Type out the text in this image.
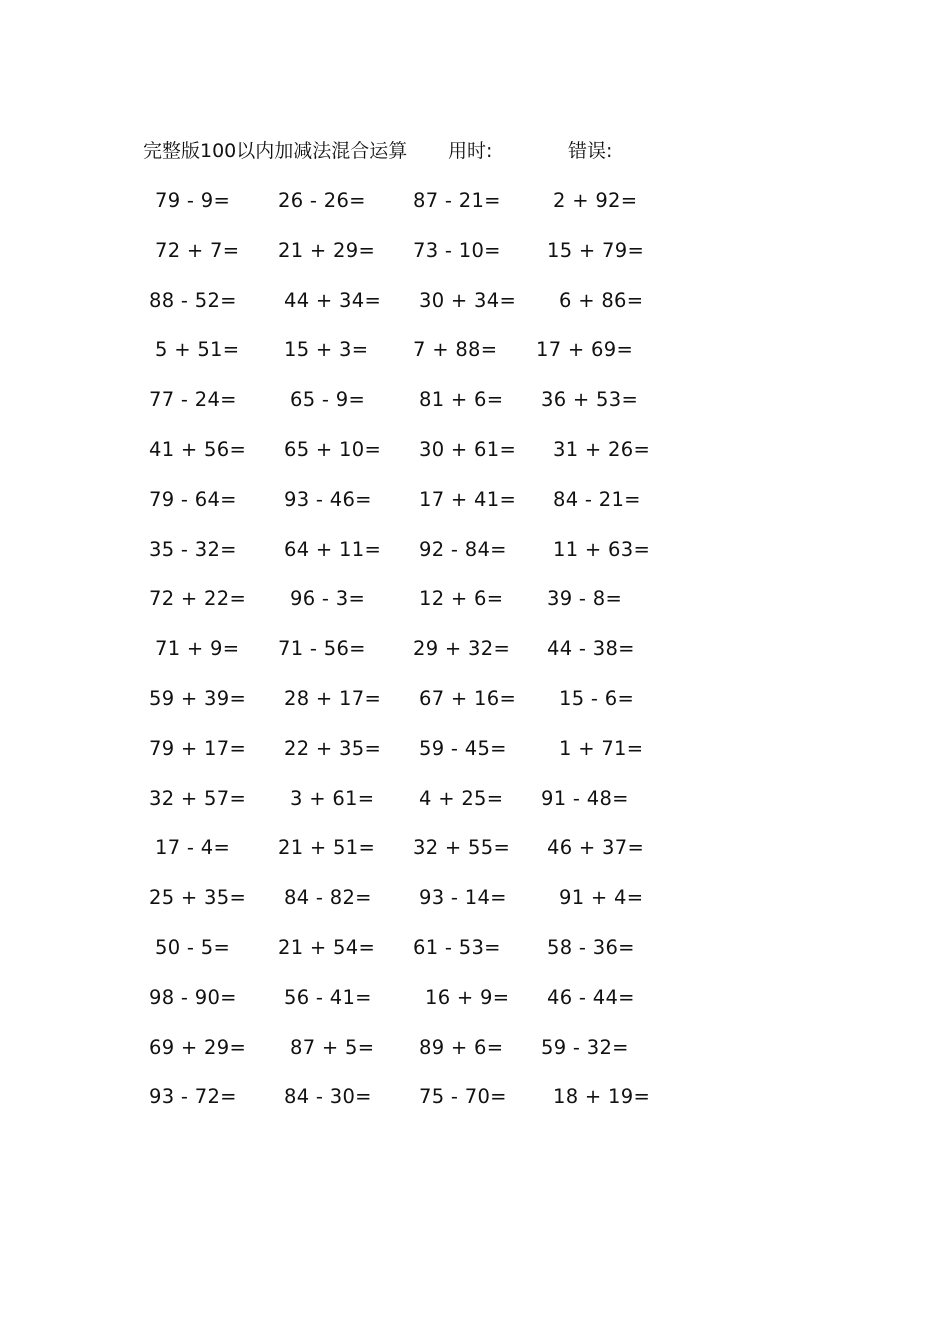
完整版100以内加减法混合运算 用时:	错误:
79 - 9= 26 - 26= 87 - 21=	2 + 92=
72 + 7= 21 + 29= 73 - 10= 15 + 79=
88 - 52= 44 + 34= 30 + 34= 6 + 86=
5 + 51= 15 + 3= 7 + 88= 17 + 69=
77 - 24=	65 - 9=	81 + 6= 36 + 53=
41 + 56= 65 + 10= 30 + 61= 31 + 26=
79 - 64= 93 - 46= 17 + 41= 84 - 21=
35 - 32= 64 + 11= 92 - 84= 11 + 63=
72 + 22= 96 - 3=	12 + 6= 39 - 8=
71 + 9= 71 - 56= 29 + 32= 44 - 38=
59 + 39= 28 + 17= 67 + 16= 15 - 6=
79 + 17= 22 + 35= 59 - 45=	1 + 71=
32 + 57= 3 + 61= 4 + 25= 91 - 48=
17 - 4= 21 + 51= 32 + 55= 46 + 37=
25 + 35= 84 - 82= 93 - 14=	91 + 4=
50 - 5= 21 + 54= 61 - 53= 58 - 36=
98 - 90= 56 - 41=	16 + 9= 46 - 44=
69 + 29= 87 + 5= 89 + 6= 59 - 32=
93 - 72= 84 - 30= 75 - 70= 18 + 19=
